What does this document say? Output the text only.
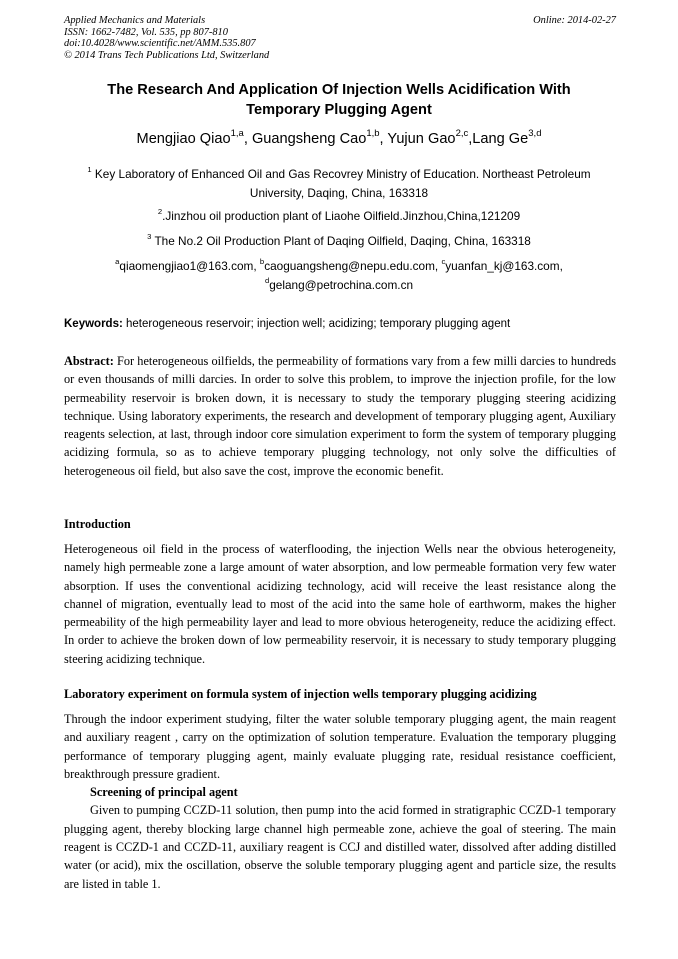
Applied Mechanics and Materials
ISSN: 1662-7482, Vol. 535, pp 807-810
doi:10.4028/www.scientific.net/AMM.535.807
© 2014 Trans Tech Publications Ltd, Switzerland
Online: 2014-02-27
The Research And Application Of Injection Wells Acidification With
Temporary Plugging Agent
Mengjiao Qiao$^{1,a}$, Guangsheng Cao$^{1,b}$, Yujun Gao$^{2,c}$,Lang Ge$^{3,d}$
$^1$ Key Laboratory of Enhanced Oil and Gas Recovrey Ministry of Education. Northeast Petroleum
University, Daqing, China, 163318
$^2$.Jinzhou oil production plant of Liaohe Oilfield.Jinzhou,China,121209
$^3$ The No.2 Oil Production Plant of Daqing Oilfield, Daqing, China, 163318
$^a$qiaomengjiao1@163.com, $^b$caoguangsheng@nepu.edu.com, $^c$yuanfan_kj@163.com,
$^d$gelang@petrochina.com.cn
Keywords: heterogeneous reservoir; injection well; acidizing; temporary plugging agent

Abstract: For heterogeneous oilfields, the permeability of formations vary from a few milli darcies to hundreds or even thousands of milli darcies. In order to solve this problem, to improve the injection profile, for the low permeability reservoir is broken down, it is necessary to study the temporary plugging steering acidizing technique. Using laboratory experiments, the research and development of temporary plugging agent, Auxiliary reagents selection, at last, through indoor core simulation experiment to form the system of temporary plugging acidizing formula, so as to achieve temporary plugging technology, not only solve the difficulties of heterogeneous oil field, but also save the cost, improve the economic benefit.

Introduction

Heterogeneous oil field in the process of waterflooding, the injection Wells near the obvious heterogeneity, namely high permeable zone a large amount of water absorption, and low permeable formation very few water absorption. If uses the conventional acidizing technology, acid will receive the least resistance along the channel of migration, eventually lead to most of the acid into the same hole of earthworm, makes the higher permeability of the high permeability layer and lead to more obvious heterogeneity, reduce the acidizing effect. In order to achieve the broken down of low permeability reservoir, it is necessary to study temporary plugging steering acidizing technique.

Laboratory experiment on formula system of injection wells temporary plugging acidizing
Through the indoor experiment studying, filter the water soluble temporary plugging agent, the main reagent and auxiliary reagent , carry on the optimization of solution temperature. Evaluation the temporary plugging performance of temporary plugging agent, mainly evaluate plugging rate, residual resistance coefficient, breakthrough pressure gradient.
Screening of principal agent
Given to pumping CCZD-11 solution, then pump into the acid formed in stratigraphic CCZD-1 temporary plugging agent, thereby blocking large channel high permeable zone, achieve the goal of steering. The main reagent is CCZD-1 and CCZD-11, auxiliary reagent is CCJ and distilled water, dissolved after adding distilled water (or acid), mix the oscillation, observe the soluble temporary plugging agent and particle size, the results are listed in table 1.
